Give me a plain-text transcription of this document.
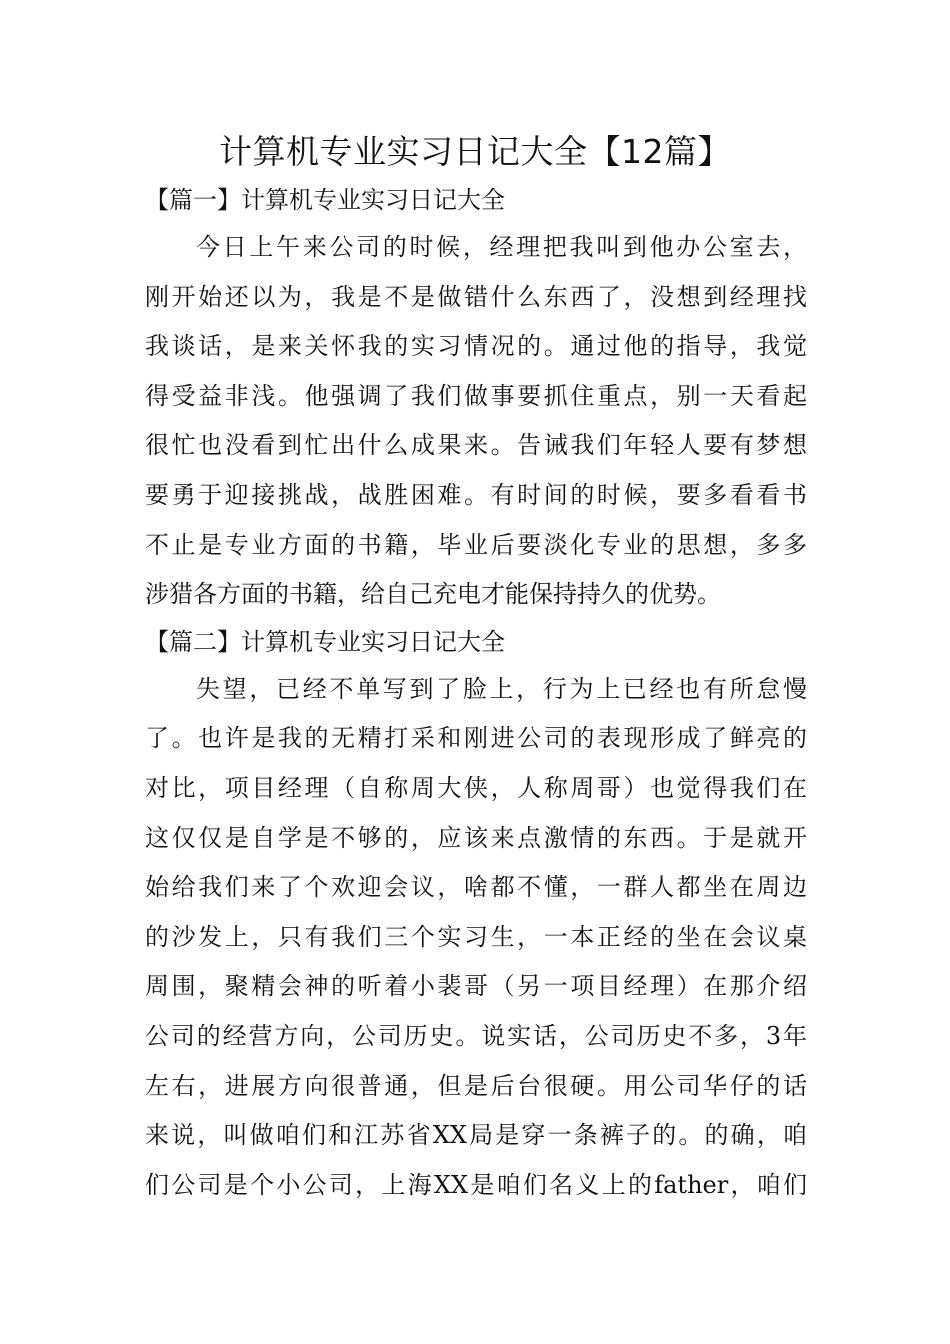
计算机专业实习日记大全【12篇】
【篇一】计算机专业实习日记大全

今日上午来公司的时候，经理把我叫到他办公室去，
刚开始还以为，我是不是做错什么东西了，没想到经理找
我谈话，是来关怀我的实习情况的。通过他的指导，我觉
得受益非浅。他强调了我们做事要抓住重点，别一天看起
很忙也没看到忙出什么成果来。告诫我们年轻人要有梦想
要勇于迎接挑战，战胜困难。有时间的时候，要多看看书
不止是专业方面的书籍，毕业后要淡化专业的思想，多多
涉猎各方面的书籍，给自己充电才能保持持久的优势。

【篇二】计算机专业实习日记大全

失望，已经不单写到了脸上，行为上已经也有所怠慢
了。也许是我的无精打采和刚进公司的表现形成了鲜亮的
对比，项目经理（自称周大侠，人称周哥）也觉得我们在
这仅仅是自学是不够的，应该来点激情的东西。于是就开
始给我们来了个欢迎会议，啥都不懂，一群人都坐在周边
的沙发上，只有我们三个实习生，一本正经的坐在会议桌
周围，聚精会神的听着小裴哥（另一项目经理）在那介绍
公司的经营方向，公司历史。说实话，公司历史不多，3年
左右，进展方向很普通，但是后台很硬。用公司华仔的话
来说，叫做咱们和江苏省XX局是穿一条裤子的。的确，咱
们公司是个小公司，上海XX是咱们名义上的father，咱们
